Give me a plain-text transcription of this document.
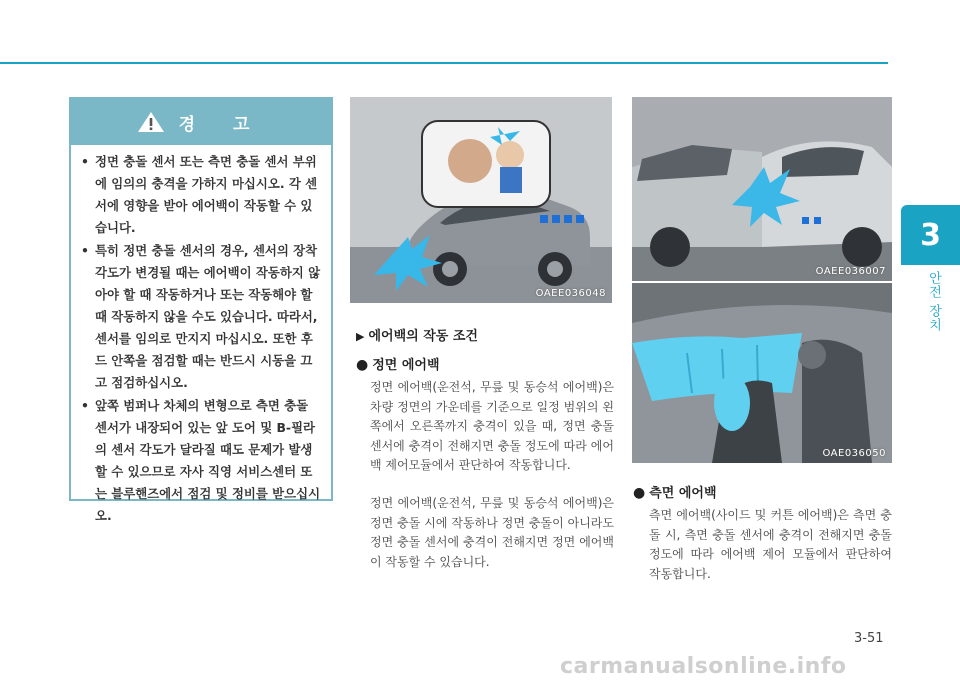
3
안전 장치
경 고
• 정면 충돌 센서 또는 측면 충돌 센서 부위에 임의의 충격을 가하지 마십시오. 각 센서에 영향을 받아 에어백이 작동할 수 있습니다.
• 특히 정면 충돌 센서의 경우, 센서의 장착 각도가 변경될 때는 에어백이 작동하지 않아야 할 때 작동하거나 또는 작동해야 할 때 작동하지 않을 수도 있습니다. 따라서, 센서를 임의로 만지지 마십시오. 또한 후드 안쪽을 점검할 때는 반드시 시동을 끄고 점검하십시오.
• 앞쪽 범퍼나 차체의 변형으로 측면 충돌 센서가 내장되어 있는 앞 도어 및 B-필라의 센서 각도가 달라질 때도 문제가 발생할 수 있으므로 자사 직영 서비스센터 또는 블루핸즈에서 점검 및 정비를 받으십시오.
OAEE036048
OAEE036007
OAE036050
▶ 에어백의 작동 조건
● 정면 에어백
정면 에어백(운전석, 무릎 및 동승석 에어백)은 차량 정면의 가운데를 기준으로 일정 범위의 왼쪽에서 오른쪽까지 충격이 있을 때, 정면 충돌 센서에 충격이 전해지면 충돌 정도에 따라 에어백 제어모듈에서 판단하여 작동합니다.
정면 에어백(운전석, 무릎 및 동승석 에어백)은 정면 충돌 시에 작동하나 정면 충돌이 아니라도 정면 충돌 센서에 충격이 전해지면 정면 에어백이 작동할 수 있습니다.
● 측면 에어백
측면 에어백(사이드 및 커튼 에어백)은 측면 충돌 시, 측면 충돌 센서에 충격이 전해지면 충돌 정도에 따라 에어백 제어 모듈에서 판단하여 작동합니다.
3-51
carmanualsonline.info
